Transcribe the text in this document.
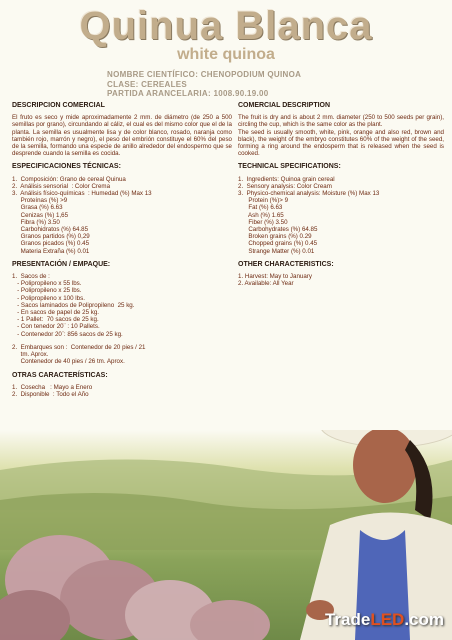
Quinua Blanca
white quinoa
NOMBRE CIENTÍFICO: CHENOPODIUM QUINOA
CLASE: CEREALES
PARTIDA ARANCELARIA: 1008.90.19.00
DESCRIPCION COMERCIAL
El fruto es seco y mide aproximadamente 2 mm. de diámetro (de 250 a 500 semillas por grano), circundando al cáliz, el cual es del mismo color que el de la planta. La semilla es usualmente lisa y de color blanco, rosado, naranja como también rojo, marrón y negro), el peso del embrión constituye el 60% del peso de la semilla, formando una especie de anillo alrededor del endospermo que se desprende cuando la semilla es cocida.
ESPECIFICACIONES TÉCNICAS:
1.  Composición: Grano de cereal Quinua
2.  Análisis sensorial  : Color Crema
3.  Análisis físico-químicas  : Humedad (%) Max 13
Proteínas (%) >9
Grasa (%) 6.63
Cenizas (%) 1,65
Fibra (%) 3.50
Carbohidratos (%) 64.85
Granos partidos (%) 0,29
Granos picados (%) 0.45
Materia Extraña (%) 0.01
PRESENTACIÓN / EMPAQUE:
1.  Sacos de :
- Polipropileno x 55 lbs.
- Polipropileno x 25 lbs.
- Polipropileno x 100 lbs.
- Sacos laminados de Polipropileno  25 kg.
- En sacos de papel de 25 kg.
- 1 Pallet:  70 sacos de 25 kg.
- Con tenedor 20¨ : 10 Pallets.
- Contenedor 20¨: 856 sacos de 25 kg.
2.  Embarques son :  Contenedor de 20 pies / 21
tm. Aprox.
Contenedor de 40 pies / 26 tm. Aprox.
OTRAS CARACTERÍSTICAS:
1.  Cosecha   : Mayo a Enero
2.  Disponible  : Todo el Año
COMERCIAL DESCRIPTION
The fruit is dry and is about 2 mm. diameter (250 to 500 seeds per grain), circling the cup, which is the same color as the plant.
The seed is usually smooth, white, pink, orange and also red, brown and black), the weight of the embryo constitutes 60% of the weight of the seed, forming a ring around the endosperm that is released when the seed is cooked.
TECHNICAL SPECIFICATIONS:
1.  Ingredients: Quinoa grain cereal
2.  Sensory analysis: Color Cream
3.  Physico-chemical analysis: Moisture (%) Max 13
Protein (%)> 9
Fat (%) 6.63
Ash (%) 1.65
Fiber (%) 3.50
Carbohydrates (%) 64.85
Broken grains (%) 0.29
Chopped grains (%) 0.45
Strange Matter (%) 0.01
OTHER CHARACTERISTICS:
1. Harvest: May to January
2. Available: All Year
TradeLED.com
